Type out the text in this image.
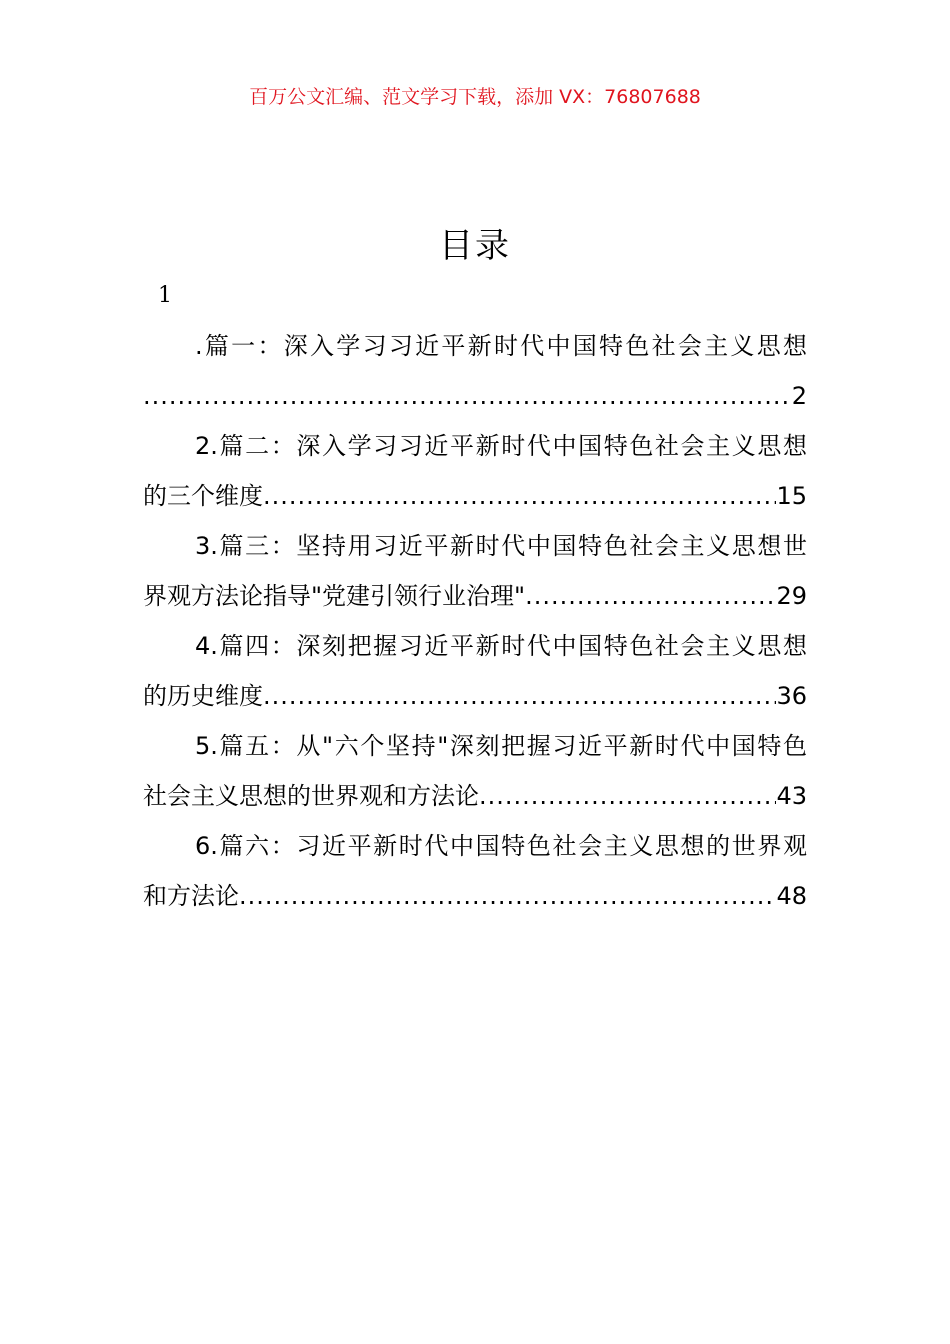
百万公文汇编、范文学习下载，添加 VX：76807688
目录
1
.篇一：深入学习习近平新时代中国特色社会主义思想
.....
2
2.篇二：深入学习习近平新时代中国特色社会主义思想
的三个维度 .....	15
3.篇三：坚持用习近平新时代中国特色社会主义思想世
界观方法论指导"党建引领行业治理" .....	29
4.篇四：深刻把握习近平新时代中国特色社会主义思想
的历史维度 .....	36
5.篇五：从"六个坚持"深刻把握习近平新时代中国特色
社会主义思想的世界观和方法论 .....	43
6.篇六：习近平新时代中国特色社会主义思想的世界观
和方法论 .....	48
